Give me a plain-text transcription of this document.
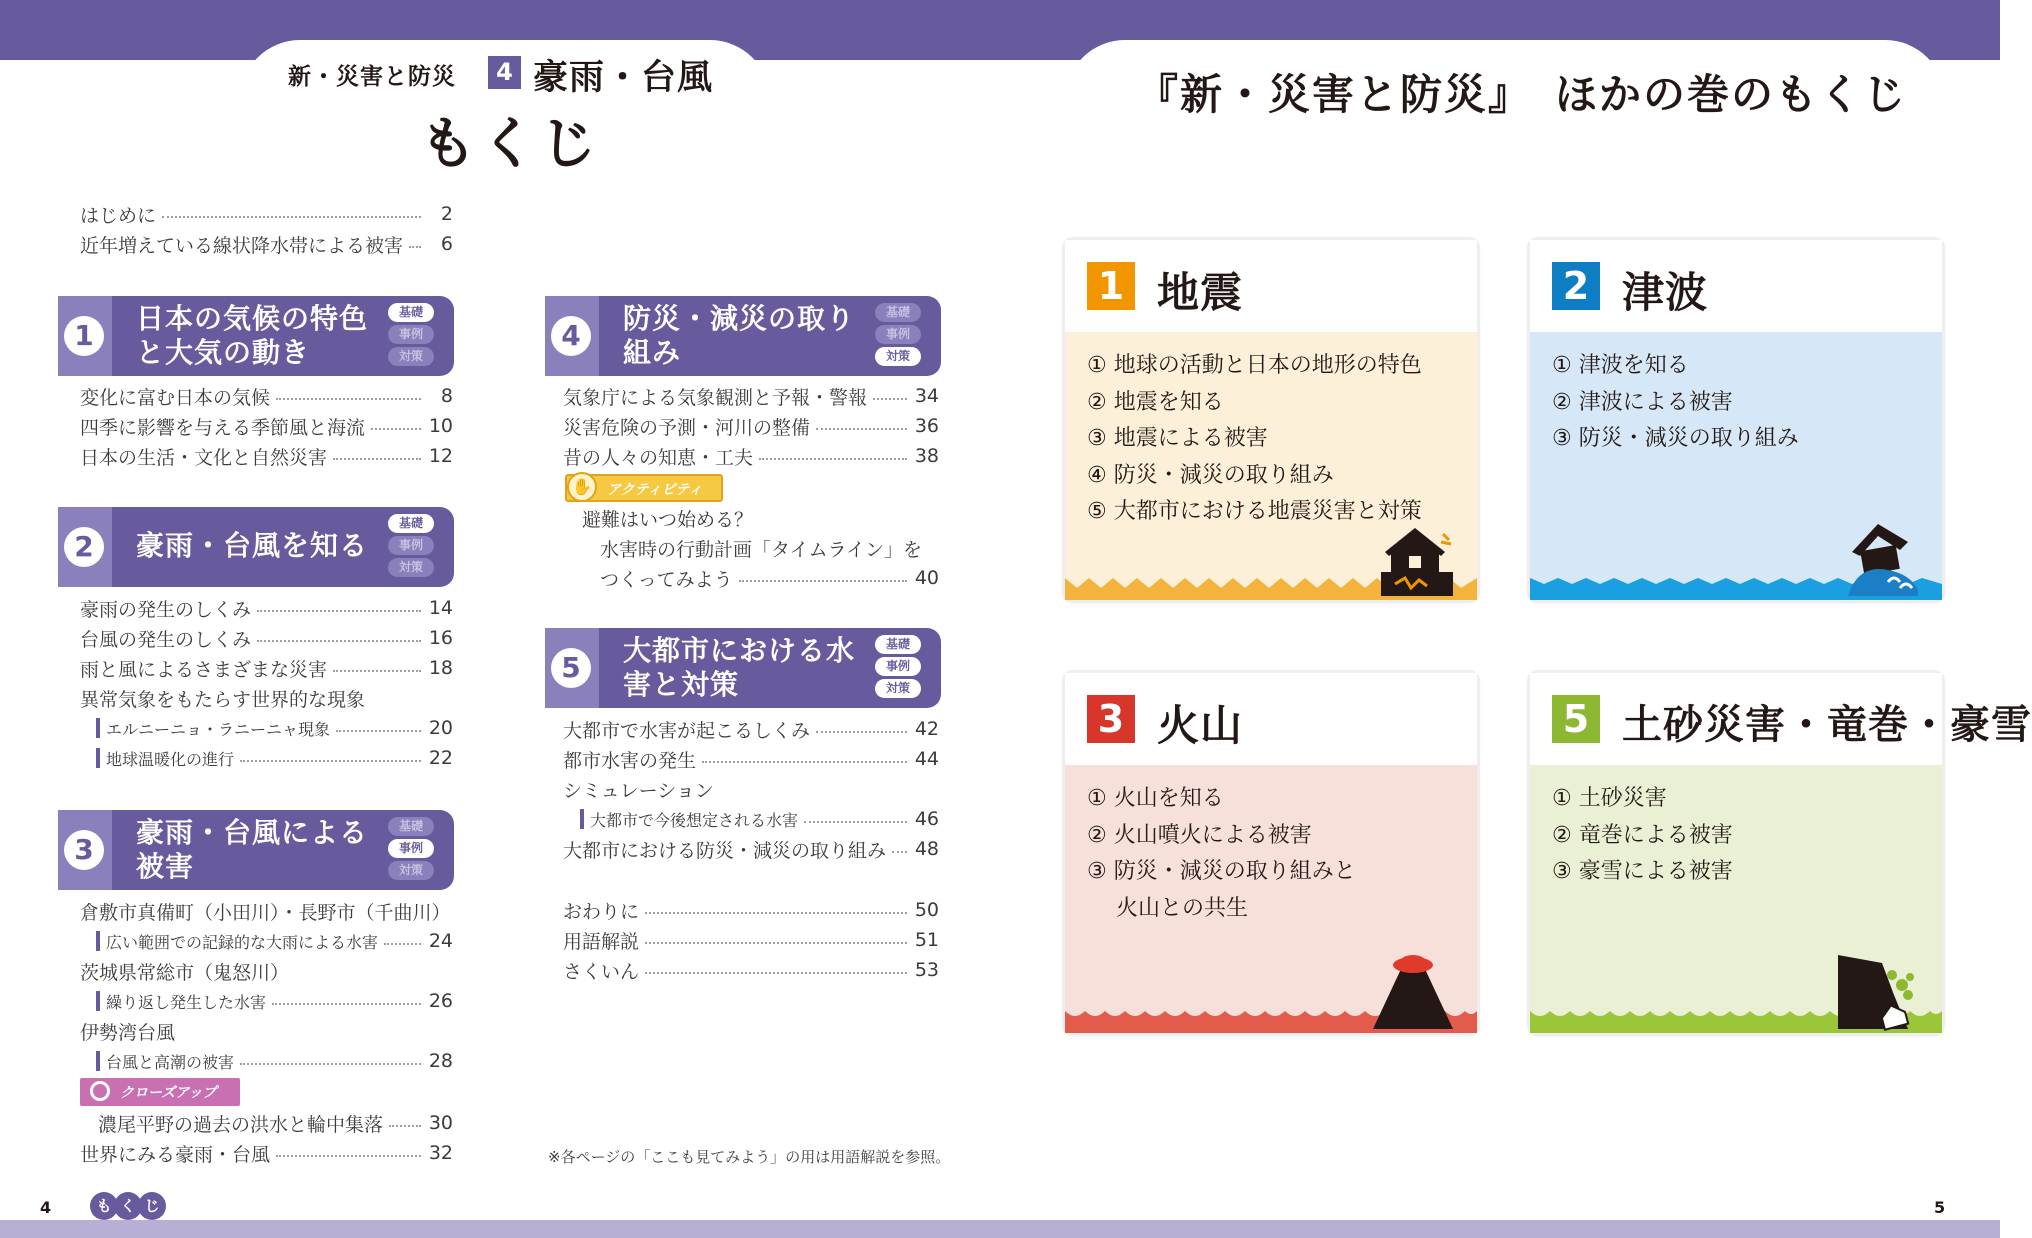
新・災害と防災	4 豪雨・台風
もくじ
はじめに	2
近年増えている線状降水帯による被害	6
1
日本の気候の特色と大気の動き
基礎
事例
対策
変化に富む日本の気候	8
四季に影響を与える季節風と海流	10
日本の生活・文化と自然災害	12
2	豪雨・台風を知る
基礎
事例
対策
豪雨の発生のしくみ	14
台風の発生のしくみ	16
雨と風によるさまざまな災害	18
異常気象をもたらす世界的な現象
エルニーニョ・ラニーニャ現象	20
地球温暖化の進行	22
3
豪雨・台風による被害
基礎
事例
対策
倉敷市真備町（小田川）・長野市（千曲川）
広い範囲での記録的な大雨による水害	24
茨城県常総市（鬼怒川）
繰り返し発生した水害	26
伊勢湾台風
台風と高潮の被害	28
クローズアップ
濃尾平野の過去の洪水と輪中集落 30
世界にみる豪雨・台風	32
4
防災・減災の取り組み
基礎
事例
対策
気象庁による気象観測と予報・警報	34
災害危険の予測・河川の整備	36
昔の人々の知恵・工夫	38
✋	アクティビティ
避難はいつ始める？
水害時の行動計画「タイムライン」を
つくってみよう	40
5
大都市における水害と対策
基礎
事例
対策
大都市で水害が起こるしくみ	42
都市水害の発生	44
シミュレーション
大都市で今後想定される水害	46
大都市における防災・減災の取り組み 48
おわりに	50
用語解説	51
さくいん	53
※各ページの「ここも見てみよう」の用は用語解説を参照。
4	も く じ	5
『新・災害と防災』　ほかの巻のもくじ
1 地震
① 地球の活動と日本の地形の特色
② 地震を知る
③ 地震による被害
④ 防災・減災の取り組み
⑤ 大都市における地震災害と対策
2 津波
① 津波を知る
② 津波による被害
③ 防災・減災の取り組み
3 火山
① 火山を知る
② 火山噴火による被害
③ 防災・減災の取り組みと
　 火山との共生
5 土砂災害・竜巻・豪雪
① 土砂災害
② 竜巻による被害
③ 豪雪による被害
